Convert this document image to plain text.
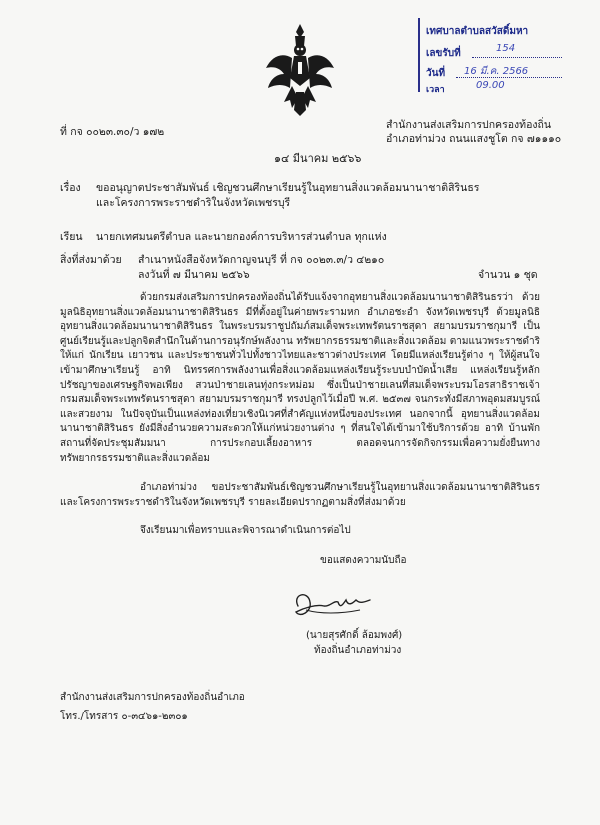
เทศบาลตำบลสวัสดิ์มหา
เลขรับที่	154
วันที่ 16 มี.ค. 2566
เวลา	09.00
ที่ กจ ๐๐๒๓.๓๐/ว ๑๗๒
สำนักงานส่งเสริมการปกครองท้องถิ่น
อำเภอท่าม่วง ถนนแสงชูโต กจ ๗๑๑๑๐
๑๔ มีนาคม ๒๕๖๖
เรื่อง ขออนุญาตประชาสัมพันธ์ เชิญชวนศึกษาเรียนรู้ในอุทยานสิ่งแวดล้อมนานาชาติสิรินธร
และโครงการพระราชดำริในจังหวัดเพชรบุรี
เรียน นายกเทศมนตรีตำบล และนายกองค์การบริหารส่วนตำบล ทุกแห่ง
สิ่งที่ส่งมาด้วย สำเนาหนังสือจังหวัดกาญจนบุรี ที่ กจ ๐๐๒๓.๓/ว ๔๒๑๐
ลงวันที่ ๗ มีนาคม ๒๕๖๖	จำนวน ๑ ชุด
ด้วยกรมส่งเสริมการปกครองท้องถิ่นได้รับแจ้งจากอุทยานสิ่งแวดล้อมนานาชาติสิรินธรว่า ด้วยมูลนิธิอุทยานสิ่งแวดล้อมนานาชาติสิรินธร มีที่ตั้งอยู่ในค่ายพระรามหก อำเภอชะอำ จังหวัดเพชรบุรี ด้วยมูลนิธิอุทยานสิ่งแวดล้อมนานาชาติสิรินธร ในพระบรมราชูปถัมภ์สมเด็จพระเทพรัตนราชสุดา สยามบรมราชกุมารี เป็นศูนย์เรียนรู้และปลูกจิตสำนึกในด้านการอนุรักษ์พลังงาน ทรัพยากรธรรมชาติและสิ่งแวดล้อม ตามแนวพระราชดำริ ให้แก่ นักเรียน เยาวชน และประชาชนทั่วไปทั้งชาวไทยและชาวต่างประเทศ โดยมีแหล่งเรียนรู้ต่าง ๆ ให้ผู้สนใจเข้ามาศึกษาเรียนรู้ อาทิ นิทรรศการพลังงานเพื่อสิ่งแวดล้อมแหล่งเรียนรู้ระบบบำบัดน้ำเสีย แหล่งเรียนรู้หลักปรัชญาของเศรษฐกิจพอเพียง สวนป่าชายเลนทุ่งกระหม่อม ซึ่งเป็นป่าชายเลนที่สมเด็จพระบรมโอรสาธิราชเจ้า กรมสมเด็จพระเทพรัตนราชสุดา สยามบรมราชกุมารี ทรงปลูกไว้เมื่อปี พ.ศ. ๒๕๓๗ จนกระทั่งมีสภาพอุดมสมบูรณ์และสวยงาม ในปัจจุบันเป็นแหล่งท่องเที่ยวเชิงนิเวศที่สำคัญแห่งหนึ่งของประเทศ นอกจากนี้ อุทยานสิ่งแวดล้อมนานาชาติสิรินธร ยังมีสิ่งอำนวยความสะดวกให้แก่หน่วยงานต่าง ๆ ที่สนใจได้เข้ามาใช้บริการด้วย อาทิ บ้านพัก สถานที่จัดประชุมสัมมนา การประกอบเลี้ยงอาหาร ตลอดจนการจัดกิจกรรมเพื่อความยั่งยืนทางทรัพยากรธรรมชาติและสิ่งแวดล้อม
อำเภอท่าม่วง ขอประชาสัมพันธ์เชิญชวนศึกษาเรียนรู้ในอุทยานสิ่งแวดล้อมนานาชาติสิรินธร และโครงการพระราชดำริในจังหวัดเพชรบุรี รายละเอียดปรากฏตามสิ่งที่ส่งมาด้วย
จึงเรียนมาเพื่อทราบและพิจารณาดำเนินการต่อไป
ขอแสดงความนับถือ
(นายสุรศักดิ์ ล้อมพงศ์)
ท้องถิ่นอำเภอท่าม่วง
สำนักงานส่งเสริมการปกครองท้องถิ่นอำเภอ
โทร./โทรสาร ๐-๓๔๖๑-๒๓๐๑
